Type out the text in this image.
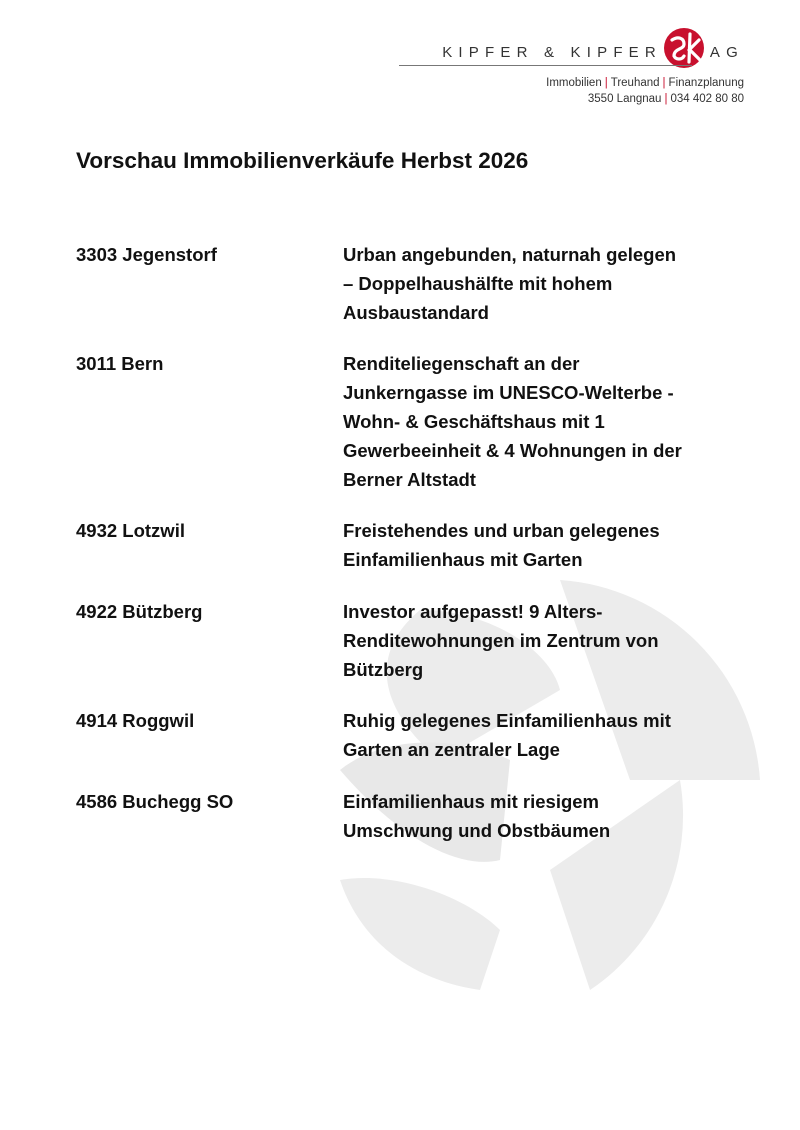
KIPFER & KIPFER	AG
Immobilien | Treuhand | Finanzplanung
3550 Langnau | 034 402 80 80
Vorschau Immobilienverkäufe Herbst 2026
3303 Jegenstorf	Urban angebunden, naturnah gelegen
– Doppelhaushälfte mit hohem
Ausbaustandard
3011 Bern	Renditeliegenschaft an der
Junkerngasse im UNESCO-Welterbe -
Wohn- & Geschäftshaus mit 1
Gewerbeeinheit & 4 Wohnungen in der
Berner Altstadt
4932 Lotzwil	Freistehendes und urban gelegenes
Einfamilienhaus mit Garten
4922 Bützberg	Investor aufgepasst! 9 Alters-
Renditewohnungen im Zentrum von
Bützberg
4914 Roggwil	Ruhig gelegenes Einfamilienhaus mit
Garten an zentraler Lage
4586 Buchegg SO	Einfamilienhaus mit riesigem
Umschwung und Obstbäumen
